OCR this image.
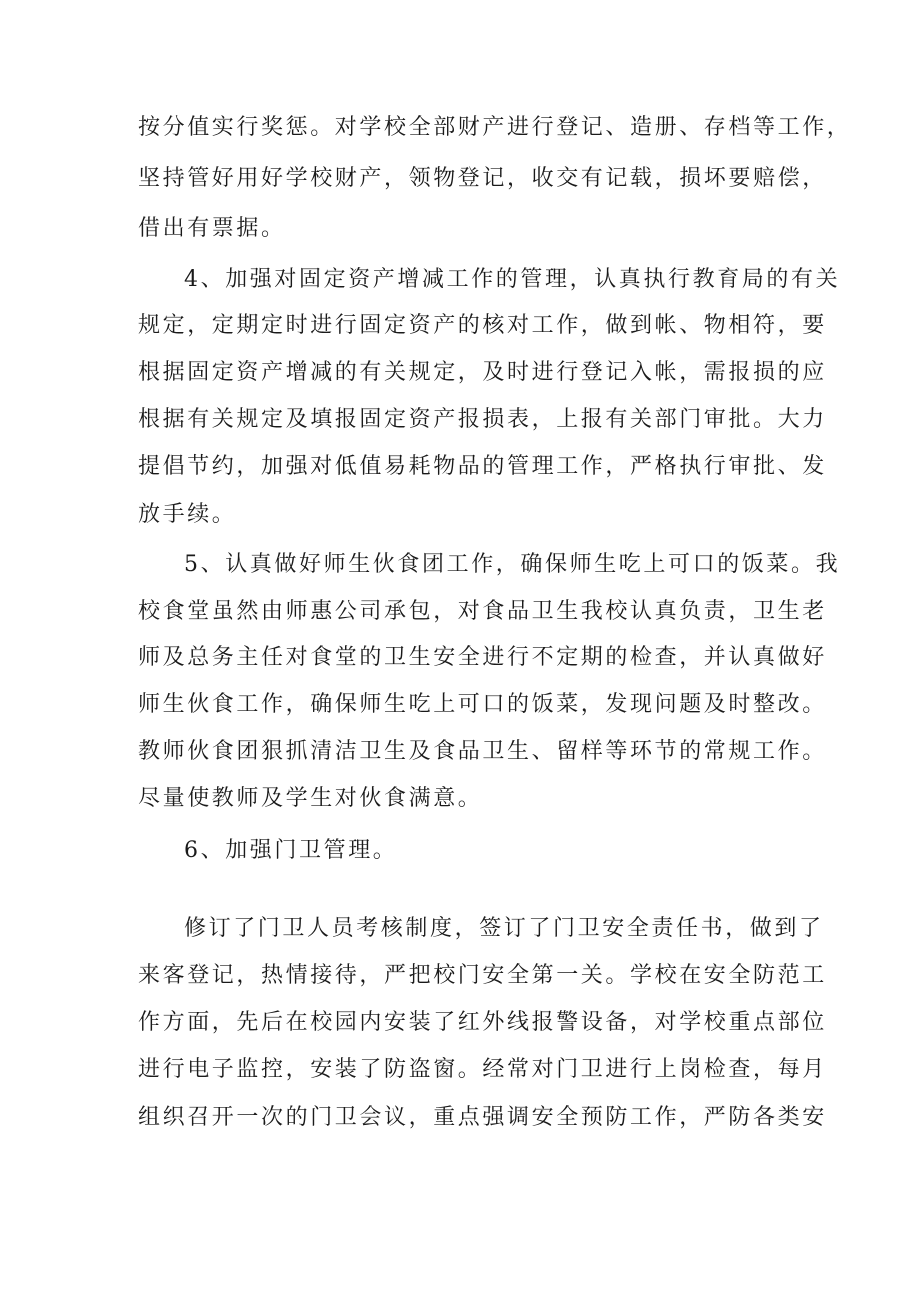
按分值实行奖惩。对学校全部财产进行登记、造册、存档等工作，
坚持管好用好学校财产，领物登记，收交有记载，损坏要赔偿，
借出有票据。
4、加强对固定资产增减工作的管理，认真执行教育局的有关
规定，定期定时进行固定资产的核对工作，做到帐、物相符，要
根据固定资产增减的有关规定，及时进行登记入帐，需报损的应
根据有关规定及填报固定资产报损表，上报有关部门审批。大力
提倡节约，加强对低值易耗物品的管理工作，严格执行审批、发
放手续。
5、认真做好师生伙食团工作，确保师生吃上可口的饭菜。我
校食堂虽然由师惠公司承包，对食品卫生我校认真负责，卫生老
师及总务主任对食堂的卫生安全进行不定期的检查，并认真做好
师生伙食工作，确保师生吃上可口的饭菜，发现问题及时整改。
教师伙食团狠抓清洁卫生及食品卫生、留样等环节的常规工作。
尽量使教师及学生对伙食满意。
6、加强门卫管理。
修订了门卫人员考核制度，签订了门卫安全责任书，做到了
来客登记，热情接待，严把校门安全第一关。学校在安全防范工
作方面，先后在校园内安装了红外线报警设备，对学校重点部位
进行电子监控，安装了防盗窗。经常对门卫进行上岗检查，每月
组织召开一次的门卫会议，重点强调安全预防工作，严防各类安
